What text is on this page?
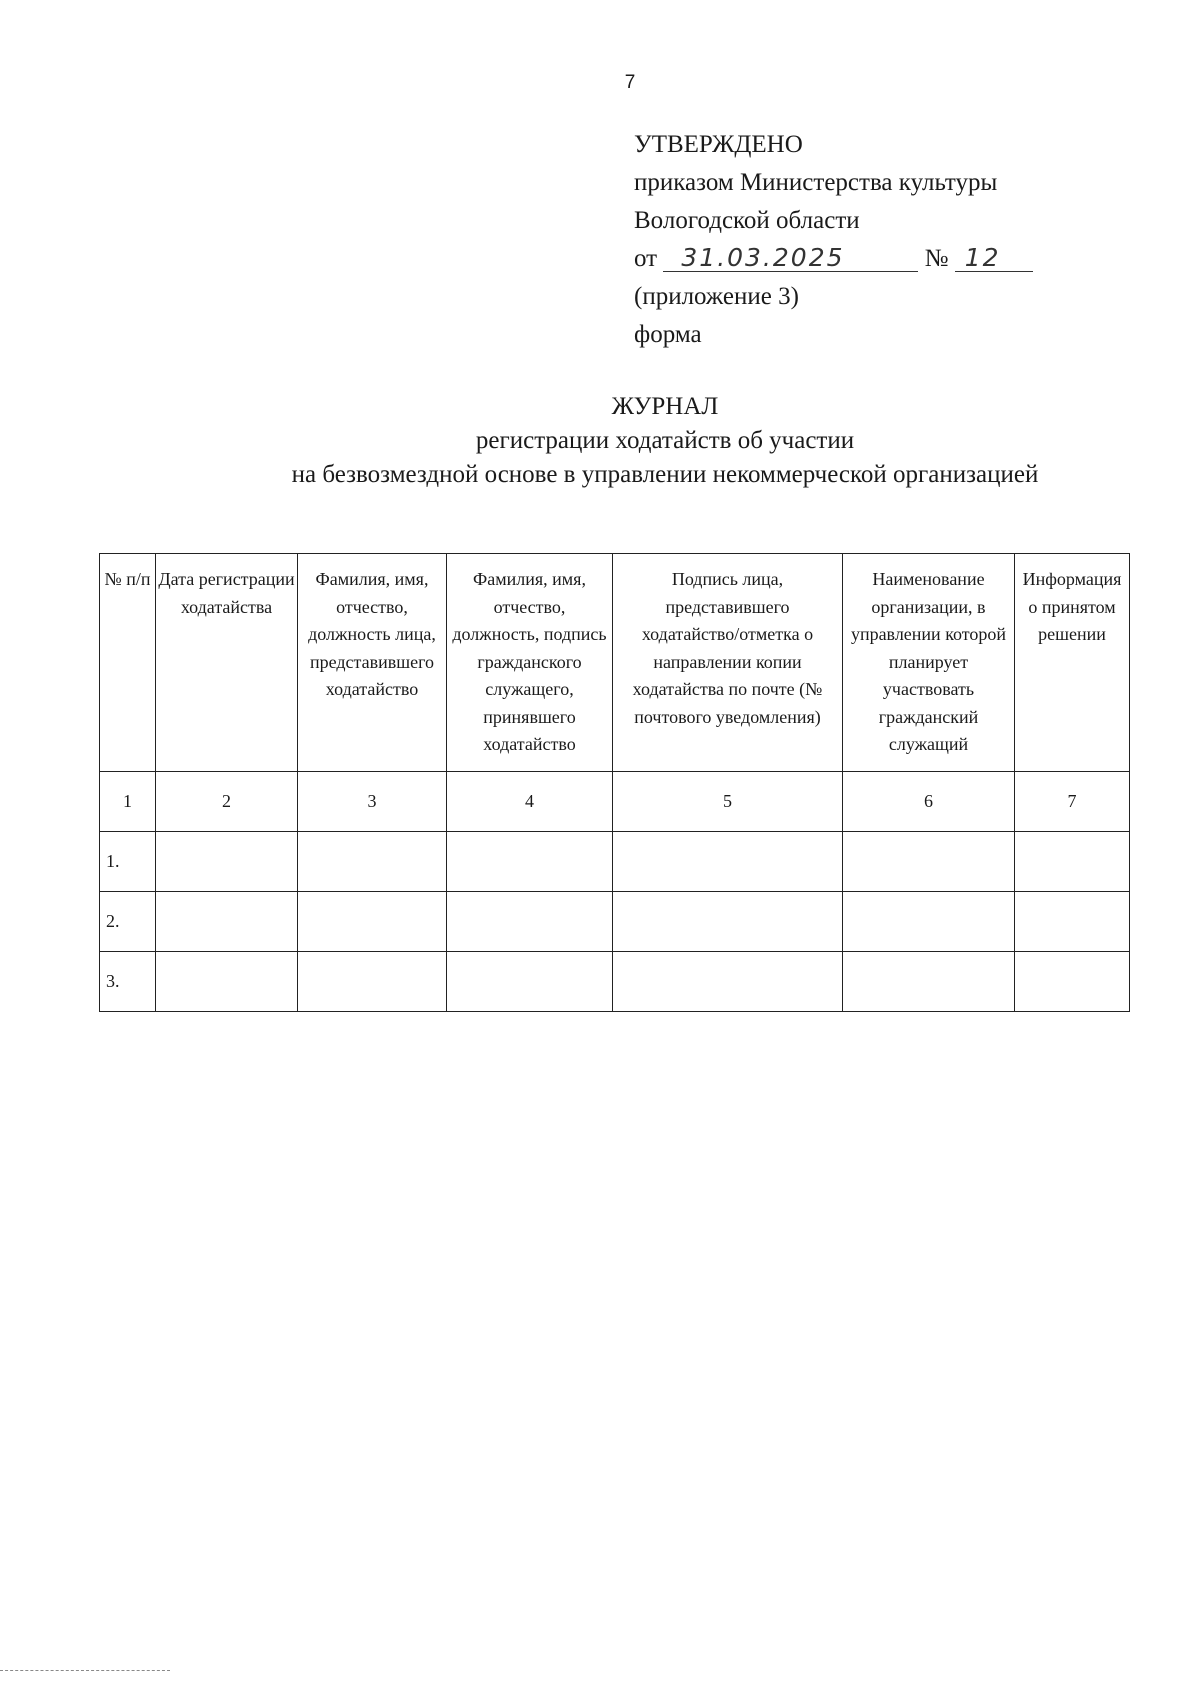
7
УТВЕРЖДЕНО
приказом Министерства культуры
Вологодской области
от 31.03.2025	№ 12
(приложение 3)
форма
ЖУРНАЛ
регистрации ходатайств об участии
на безвозмездной основе в управлении некоммерческой организацией
№ п/п	Дата регистрации ходатайства	Фамилия, имя, отчество, должность лица, представившего ходатайство	Фамилия, имя, отчество, должность, подпись гражданского служащего, принявшего ходатайство	Подпись лица, представившего ходатайство/отметка о направлении копии ходатайства по почте (№ почтового уведомления)	Наименование организации, в управлении которой планирует участвовать гражданский служащий	Информация о принятом решении
1	2	3	4	5	6	7
1.						
2.						
3.						
